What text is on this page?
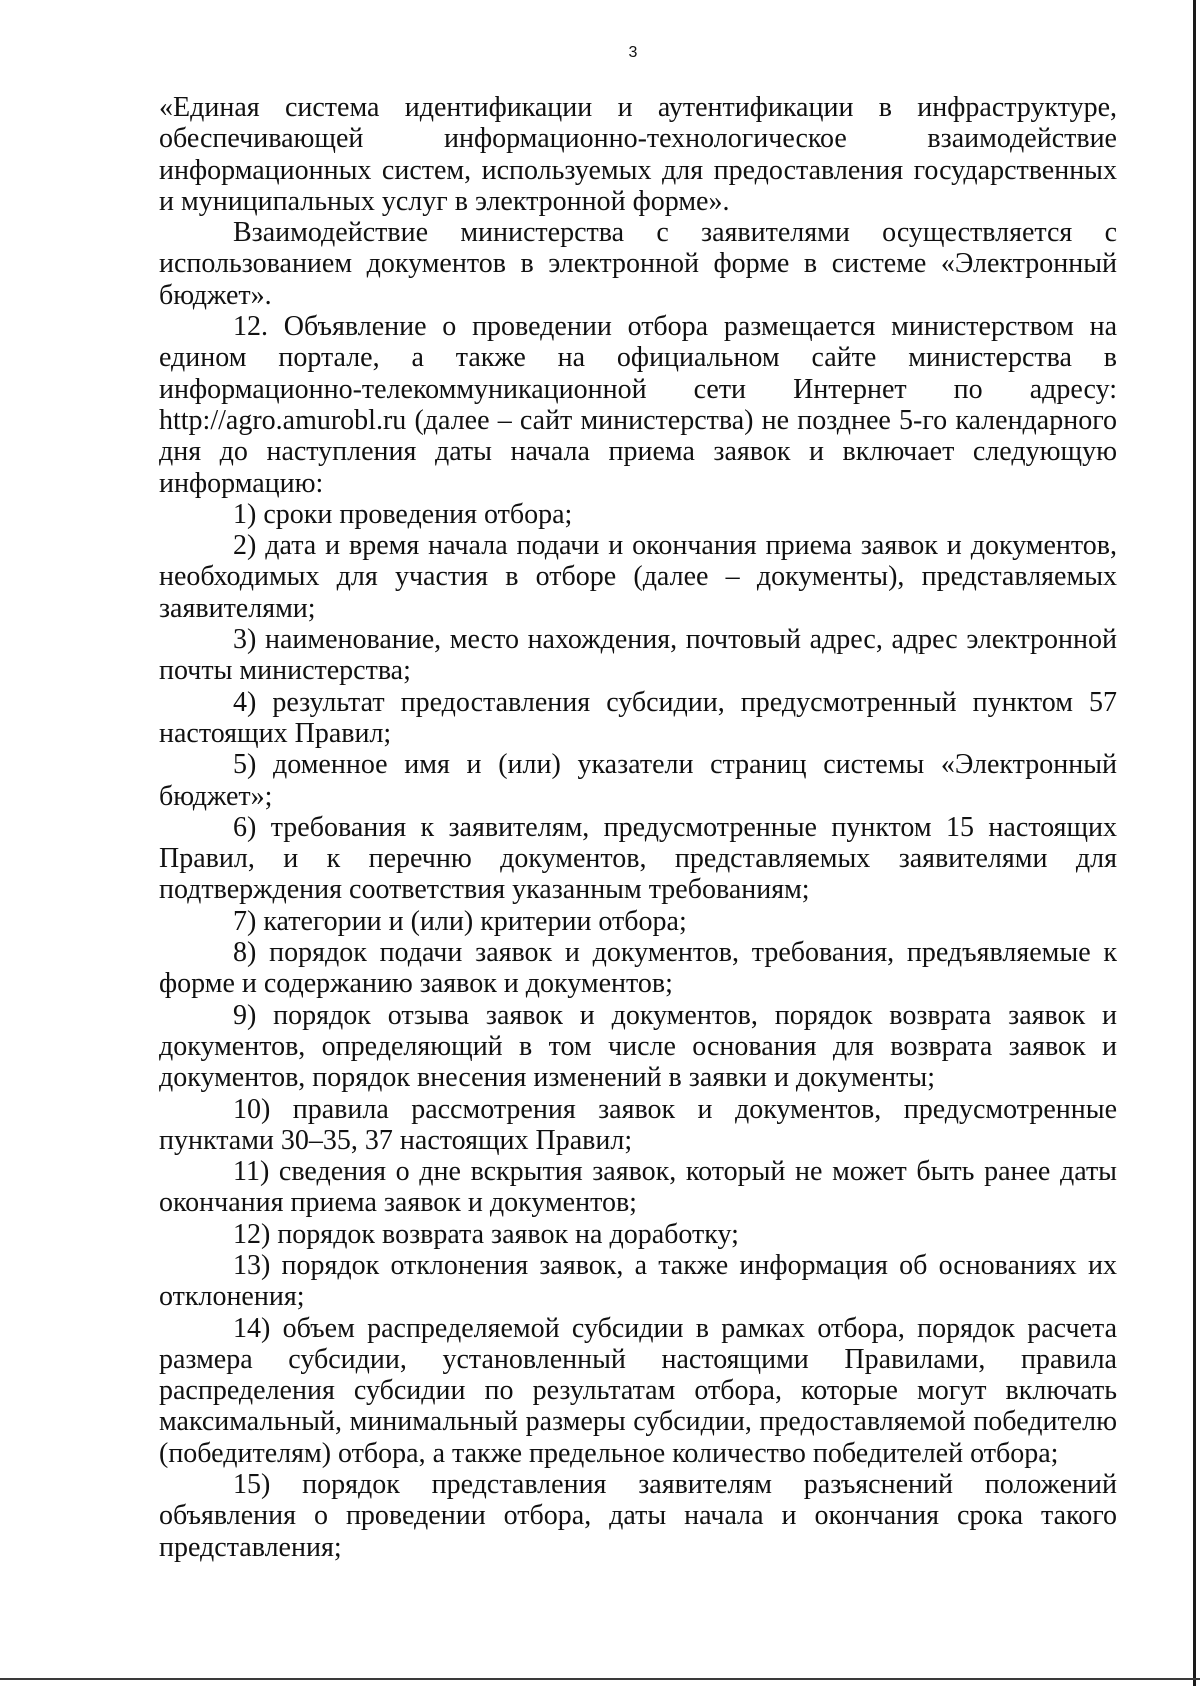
3

«Единая система идентификации и аутентификации в инфраструктуре, обеспечивающей информационно-технологическое взаимодействие информационных систем, используемых для предоставления государственных и муниципальных услуг в электронной форме».

Взаимодействие министерства с заявителями осуществляется с использованием документов в электронной форме в системе «Электронный бюджет».

12. Объявление о проведении отбора размещается министерством на едином портале, а также на официальном сайте министерства в информационно-телекоммуникационной сети Интернет по адресу: http://agro.amurobl.ru (далее – сайт министерства) не позднее 5-го календарного дня до наступления даты начала приема заявок и включает следующую информацию:

1) сроки проведения отбора;

2) дата и время начала подачи и окончания приема заявок и документов, необходимых для участия в отборе (далее – документы), представляемых заявителями;

3) наименование, место нахождения, почтовый адрес, адрес электронной почты министерства;

4) результат предоставления субсидии, предусмотренный пунктом 57 настоящих Правил;

5) доменное имя и (или) указатели страниц системы «Электронный бюджет»;

6) требования к заявителям, предусмотренные пунктом 15 настоящих Правил, и к перечню документов, представляемых заявителями для подтверждения соответствия указанным требованиям;

7) категории и (или) критерии отбора;

8) порядок подачи заявок и документов, требования, предъявляемые к форме и содержанию заявок и документов;

9) порядок отзыва заявок и документов, порядок возврата заявок и документов, определяющий в том числе основания для возврата заявок и документов, порядок внесения изменений в заявки и документы;

10) правила рассмотрения заявок и документов, предусмотренные пунктами 30–35, 37 настоящих Правил;

11) сведения о дне вскрытия заявок, который не может быть ранее даты окончания приема заявок и документов;

12) порядок возврата заявок на доработку;

13) порядок отклонения заявок, а также информация об основаниях их отклонения;

14) объем распределяемой субсидии в рамках отбора, порядок расчета размера субсидии, установленный настоящими Правилами, правила распределения субсидии по результатам отбора, которые могут включать максимальный, минимальный размеры субсидии, предоставляемой победителю (победителям) отбора, а также предельное количество победителей отбора;

15) порядок представления заявителям разъяснений положений объявления о проведении отбора, даты начала и окончания срока такого представления;
